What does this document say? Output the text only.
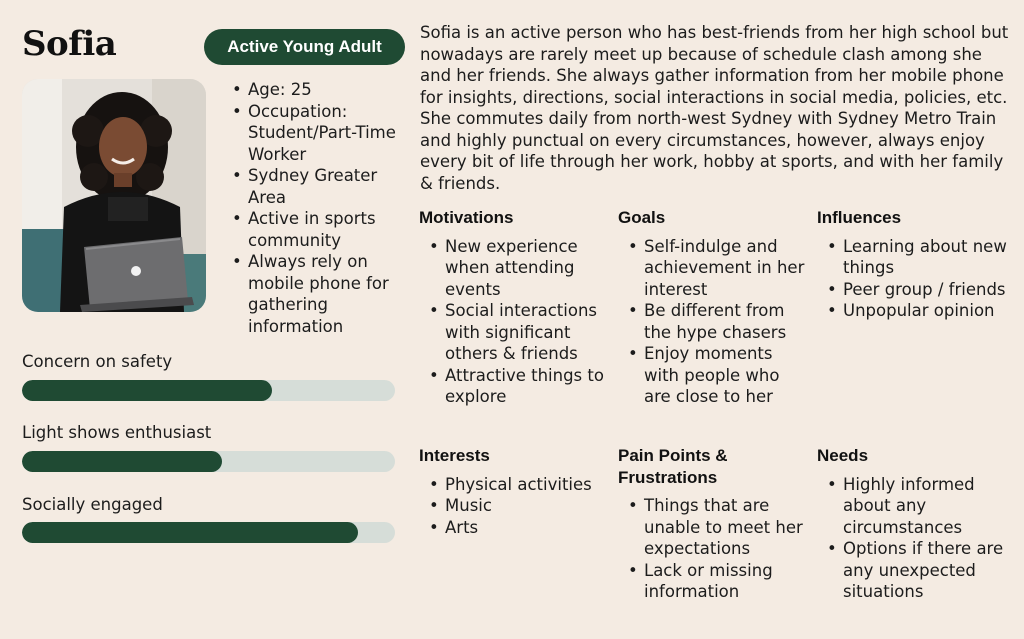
Sofia	Active Young Adult
• Age: 25
• Occupation: Student/Part-Time Worker
• Sydney Greater Area
• Active in sports community
• Always rely on mobile phone for gathering information
Concern on safety
Light shows enthusiast
Socially engaged

Sofia is an active person who has best-friends from her high school but nowadays are rarely meet up because of schedule clash among she and her friends. She always gather information from her mobile phone for insights, directions, social interactions in social media, policies, etc. She commutes daily from north-west Sydney with Sydney Metro Train and highly punctual on every circumstances, however, always enjoy every bit of life through her work, hobby at sports, and with her family & friends.

Motivations
• New experience when attending events
• Social interactions with significant others & friends
• Attractive things to explore
Goals
• Self-indulge and achievement in her interest
• Be different from the hype chasers
• Enjoy moments with people who are close to her
Influences
• Learning about new things
• Peer group / friends
• Unpopular opinion
Interests
• Physical activities
• Music
• Arts
Pain Points & Frustrations
• Things that are unable to meet her expectations
• Lack or missing information
Needs
• Highly informed about any circumstances
• Options if there are any unexpected situations
